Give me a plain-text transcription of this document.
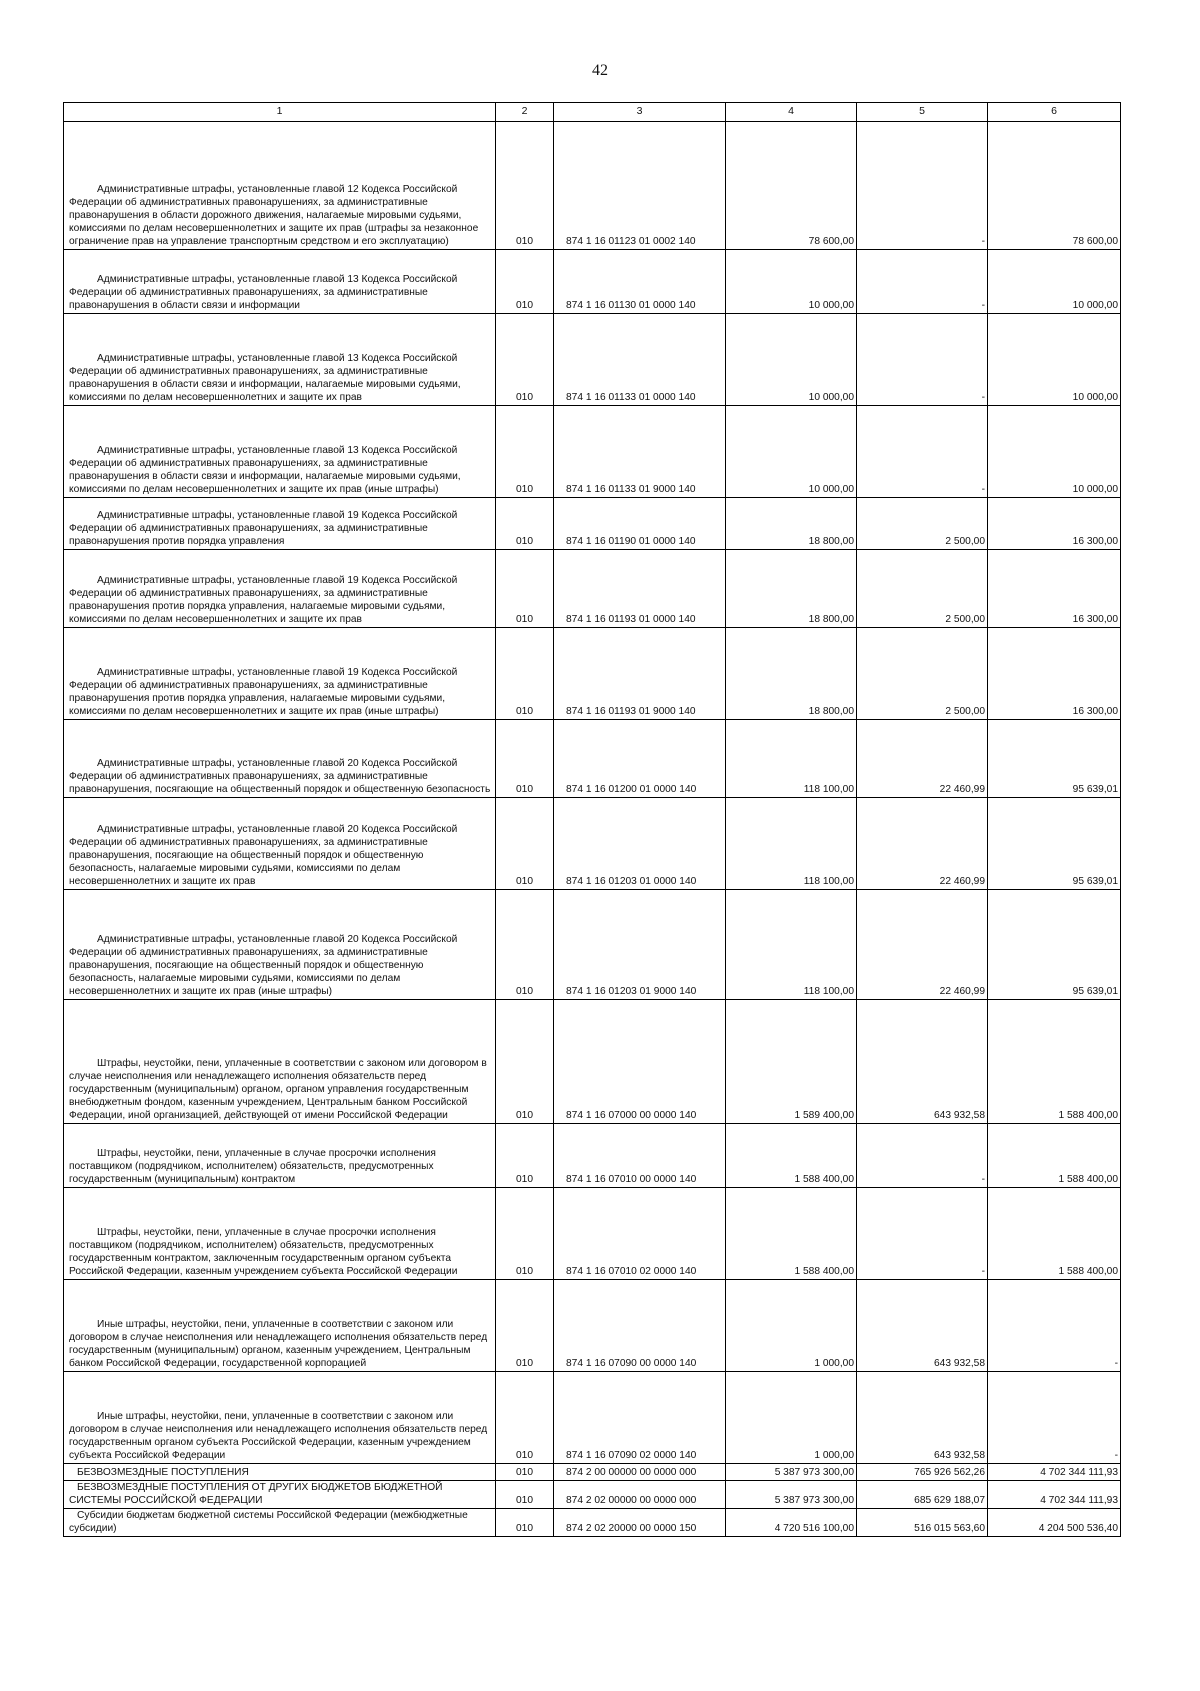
42
1	2	3	4	5	6

Административные штрафы, установленные главой 12 Кодекса Российской Федерации об административных правонарушениях, за административные правонарушения в области дорожного движения, налагаемые мировыми судьями, комиссиями по делам несовершеннолетних и защите их прав (штрафы за незаконное ограничение прав на управление транспортным средством и его эксплуатацию)	010	874 1 16 01123 01 0002 140	78 600,00	-	78 600,00

Административные штрафы, установленные главой 13 Кодекса Российской Федерации об административных правонарушениях, за административные правонарушения в области связи и информации	010	874 1 16 01130 01 0000 140	10 000,00	-	10 000,00

Административные штрафы, установленные главой 13 Кодекса Российской Федерации об административных правонарушениях, за административные правонарушения в области связи и информации, налагаемые мировыми судьями, комиссиями по делам несовершеннолетних и защите их прав	010	874 1 16 01133 01 0000 140	10 000,00	-	10 000,00

Административные штрафы, установленные главой 13 Кодекса Российской Федерации об административных правонарушениях, за административные правонарушения в области связи и информации, налагаемые мировыми судьями, комиссиями по делам несовершеннолетних и защите их прав (иные штрафы)	010	874 1 16 01133 01 9000 140	10 000,00	-	10 000,00

Административные штрафы, установленные главой 19 Кодекса Российской Федерации об административных правонарушениях, за административные правонарушения против порядка управления	010	874 1 16 01190 01 0000 140	18 800,00	2 500,00	16 300,00

Административные штрафы, установленные главой 19 Кодекса Российской Федерации об административных правонарушениях, за административные правонарушения против порядка управления, налагаемые мировыми судьями, комиссиями по делам несовершеннолетних и защите их прав	010	874 1 16 01193 01 0000 140	18 800,00	2 500,00	16 300,00

Административные штрафы, установленные главой 19 Кодекса Российской Федерации об административных правонарушениях, за административные правонарушения против порядка управления, налагаемые мировыми судьями, комиссиями по делам несовершеннолетних и защите их прав (иные штрафы)	010	874 1 16 01193 01 9000 140	18 800,00	2 500,00	16 300,00

Административные штрафы, установленные главой 20 Кодекса Российской Федерации об административных правонарушениях, за административные правонарушения, посягающие на общественный порядок и общественную безопасность	010	874 1 16 01200 01 0000 140	118 100,00	22 460,99	95 639,01

Административные штрафы, установленные главой 20 Кодекса Российской Федерации об административных правонарушениях, за административные правонарушения, посягающие на общественный порядок и общественную безопасность, налагаемые мировыми судьями, комиссиями по делам несовершеннолетних и защите их прав	010	874 1 16 01203 01 0000 140	118 100,00	22 460,99	95 639,01

Административные штрафы, установленные главой 20 Кодекса Российской Федерации об административных правонарушениях, за административные правонарушения, посягающие на общественный порядок и общественную безопасность, налагаемые мировыми судьями, комиссиями по делам несовершеннолетних и защите их прав (иные штрафы)	010	874 1 16 01203 01 9000 140	118 100,00	22 460,99	95 639,01

Штрафы, неустойки, пени, уплаченные в соответствии с законом или договором в случае неисполнения или ненадлежащего исполнения обязательств перед государственным (муниципальным) органом, органом управления государственным внебюджетным фондом, казенным учреждением, Центральным банком Российской Федерации, иной организацией, действующей от имени Российской Федерации	010	874 1 16 07000 00 0000 140	1 589 400,00	643 932,58	1 588 400,00

Штрафы, неустойки, пени, уплаченные в случае просрочки исполнения поставщиком (подрядчиком, исполнителем) обязательств, предусмотренных государственным (муниципальным) контрактом	010	874 1 16 07010 00 0000 140	1 588 400,00	-	1 588 400,00

Штрафы, неустойки, пени, уплаченные в случае просрочки исполнения поставщиком (подрядчиком, исполнителем) обязательств, предусмотренных государственным контрактом, заключенным государственным органом субъекта Российской Федерации, казенным учреждением субъекта Российской Федерации	010	874 1 16 07010 02 0000 140	1 588 400,00	-	1 588 400,00

Иные штрафы, неустойки, пени, уплаченные в соответствии с законом или договором в случае неисполнения или ненадлежащего исполнения обязательств перед государственным (муниципальным) органом, казенным учреждением, Центральным банком Российской Федерации, государственной корпорацией	010	874 1 16 07090 00 0000 140	1 000,00	643 932,58	-

Иные штрафы, неустойки, пени, уплаченные в соответствии с законом или договором в случае неисполнения или ненадлежащего исполнения обязательств перед государственным органом субъекта Российской Федерации, казенным учреждением субъекта Российской Федерации	010	874 1 16 07090 02 0000 140	1 000,00	643 932,58	-

БЕЗВОЗМЕЗДНЫЕ ПОСТУПЛЕНИЯ	010	874 2 00 00000 00 0000 000	5 387 973 300,00	765 926 562,26	4 702 344 111,93

БЕЗВОЗМЕЗДНЫЕ ПОСТУПЛЕНИЯ ОТ ДРУГИХ БЮДЖЕТОВ БЮДЖЕТНОЙ СИСТЕМЫ РОССИЙСКОЙ ФЕДЕРАЦИИ	010	874 2 02 00000 00 0000 000	5 387 973 300,00	685 629 188,07	4 702 344 111,93

Субсидии бюджетам бюджетной системы Российской Федерации (межбюджетные субсидии)	010	874 2 02 20000 00 0000 150	4 720 516 100,00	516 015 563,60	4 204 500 536,40
